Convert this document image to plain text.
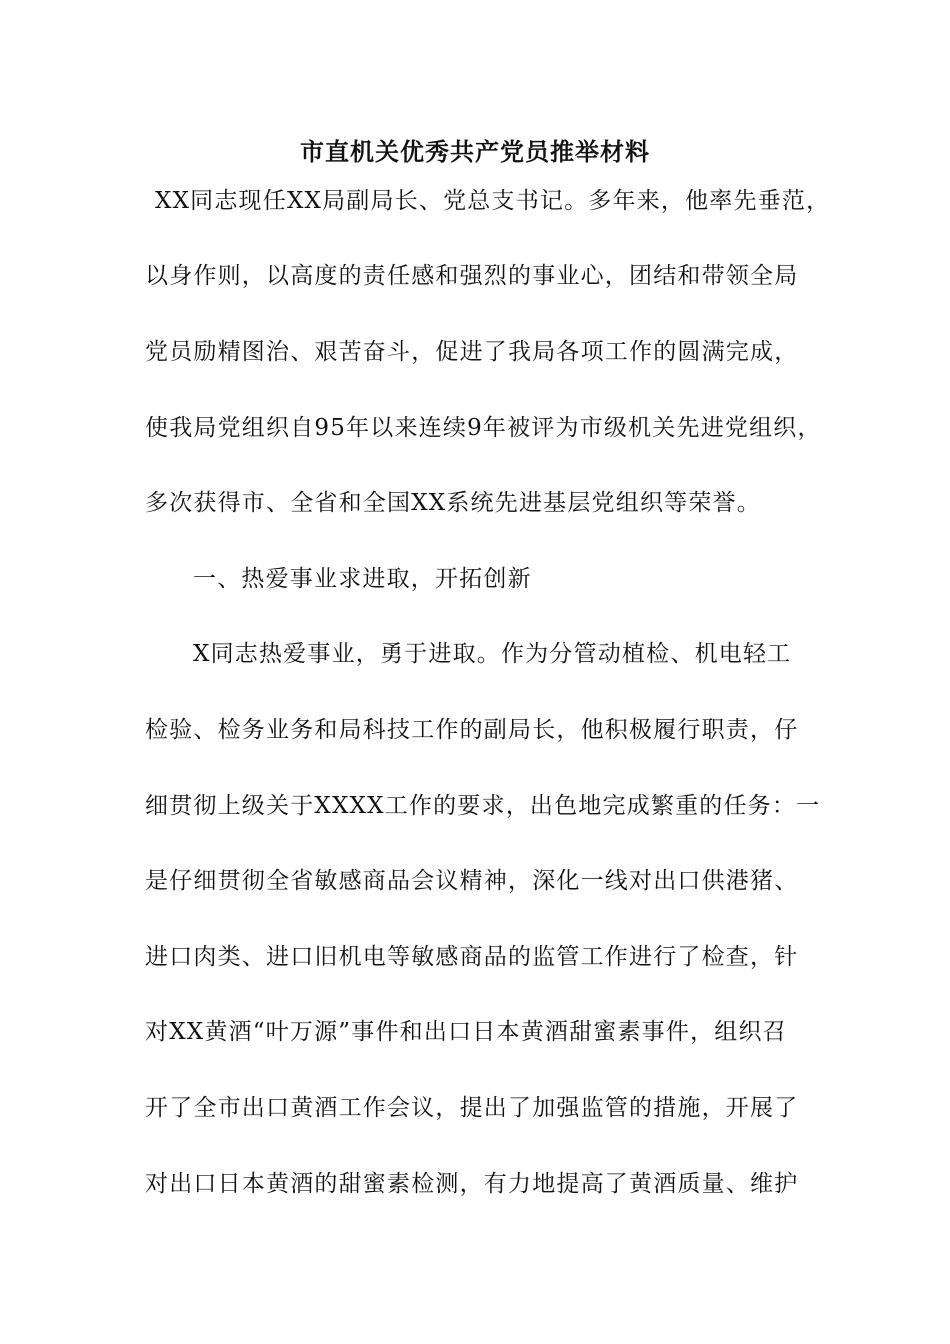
市直机关优秀共产党员推举材料
XX同志现任XX局副局长、党总支书记。多年来，他率先垂范，
以身作则，以高度的责任感和强烈的事业心，团结和带领全局
党员励精图治、艰苦奋斗，促进了我局各项工作的圆满完成，
使我局党组织自95年以来连续9年被评为市级机关先进党组织，
多次获得市、全省和全国XX系统先进基层党组织等荣誉。
一、热爱事业求进取，开拓创新
X同志热爱事业，勇于进取。作为分管动植检、机电轻工
检验、检务业务和局科技工作的副局长，他积极履行职责，仔
细贯彻上级关于XXXX工作的要求，出色地完成繁重的任务：一
是仔细贯彻全省敏感商品会议精神，深化一线对出口供港猪、
进口肉类、进口旧机电等敏感商品的监管工作进行了检查，针
对XX黄酒“叶万源”事件和出口日本黄酒甜蜜素事件，组织召
开了全市出口黄酒工作会议，提出了加强监管的措施，开展了
对出口日本黄酒的甜蜜素检测，有力地提高了黄酒质量、维护
